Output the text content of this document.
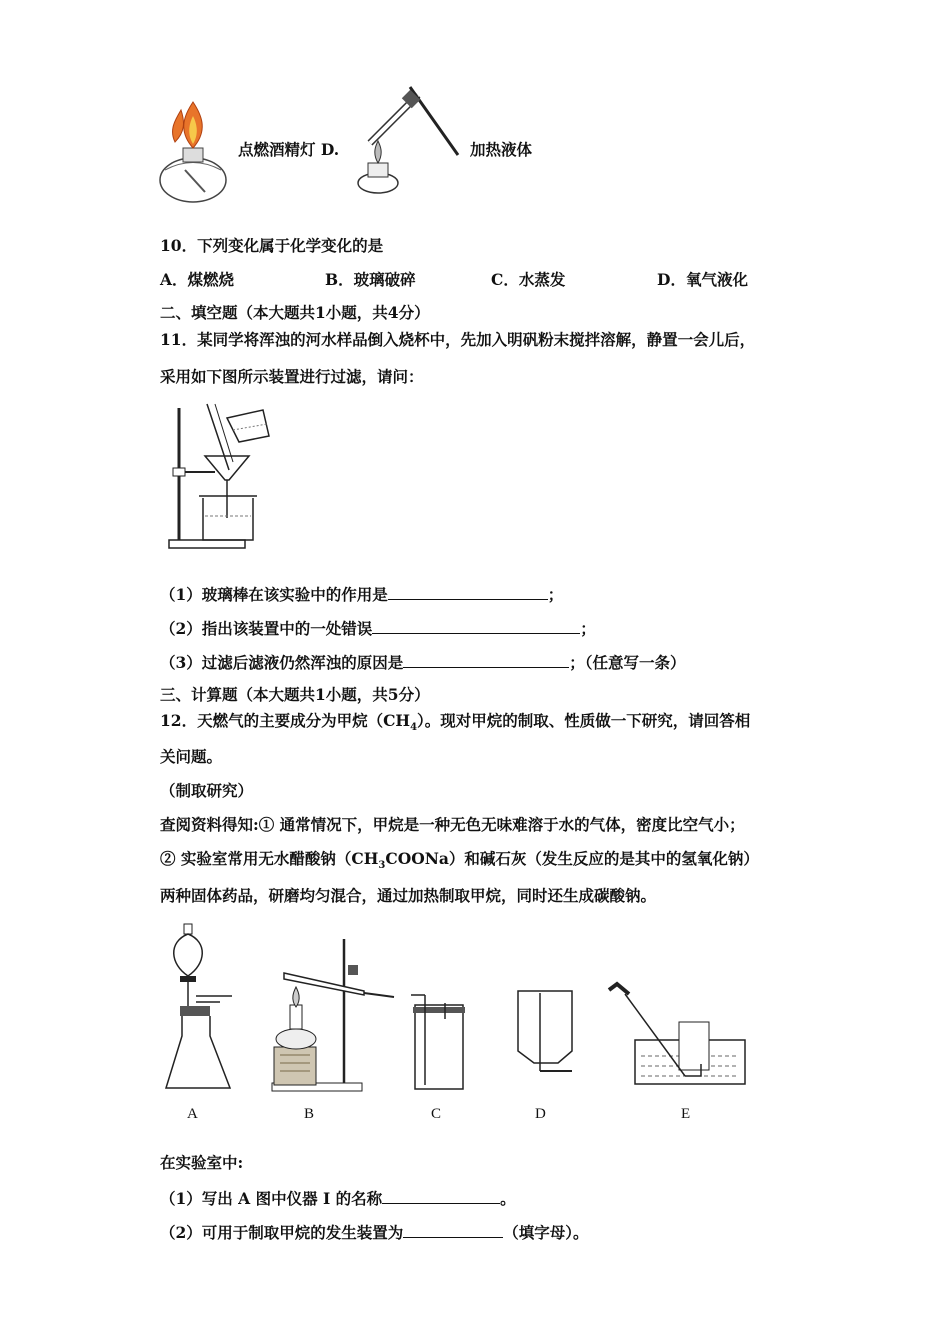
点燃酒精灯 D.	加热液体
10．下列变化属于化学变化的是
A．煤燃烧	B．玻璃破碎	C．水蒸发	D．氧气液化
二、填空题（本大题共1小题，共4分）
11．某同学将浑浊的河水样品倒入烧杯中，先加入明矾粉末搅拌溶解，静置一会儿后，
采用如下图所示装置进行过滤，请问：
（1）玻璃棒在该实验中的作用是	；
（2）指出该装置中的一处错误	；
（3）过滤后滤液仍然浑浊的原因是	；（任意写一条）
三、计算题（本大题共1小题，共5分）
12．天燃气的主要成分为甲烷$(CH_4)$。现对甲烷的制取、性质做一下研究，请回答相
关问题。
（制取研究）
查阅资料得知:① 通常情况下，甲烷是一种无色无味难溶于水的气体，密度比空气小；
② 实验室常用无水醋酸钠$(CH_3COONa)$和碱石灰（发生反应的是其中的氢氧化钠）
两种固体药品，研磨均匀混合，通过加热制取甲烷，同时还生成碳酸钠。
A	B	C	D	E
在实验室中:
（1）写出 A 图中仪器 I 的名称	。
（2）可用于制取甲烷的发生装置为	（填字母）。
